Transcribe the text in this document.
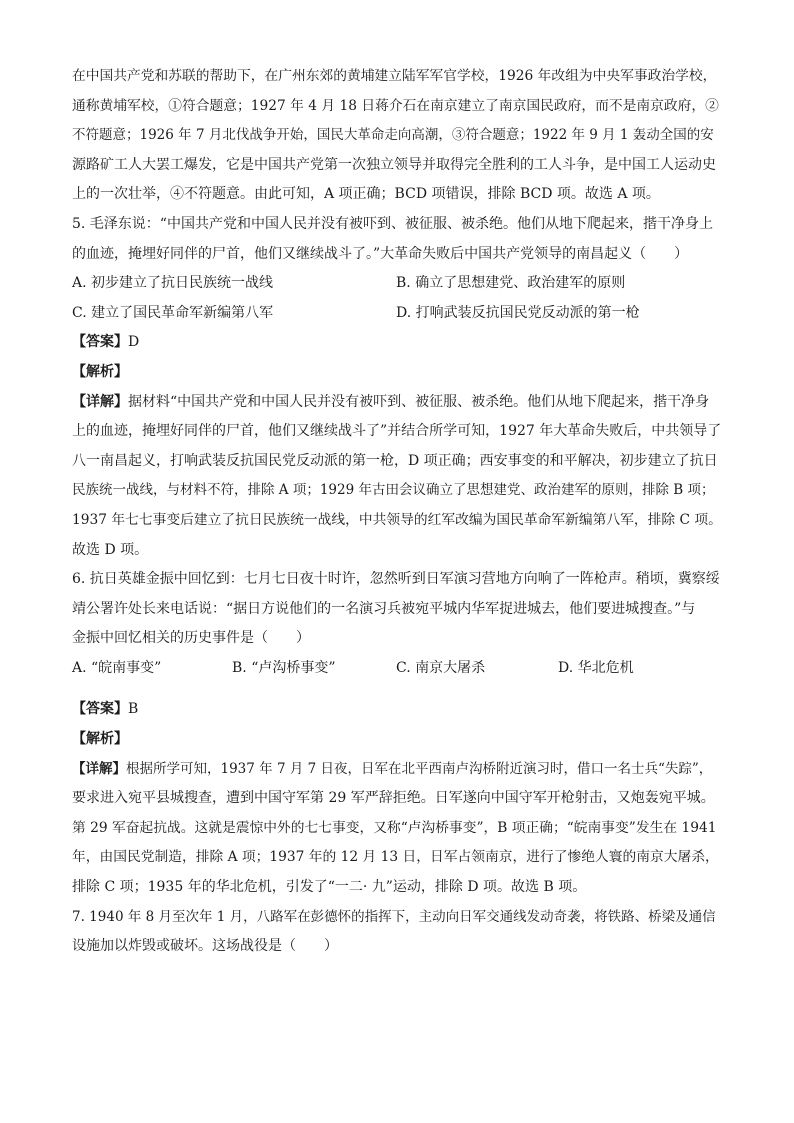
在中国共产党和苏联的帮助下，在广州东郊的黄埔建立陆军军官学校，1926 年改组为中央军事政治学校，
通称黄埔军校，①符合题意；1927 年 4 月 18 日蒋介石在南京建立了南京国民政府，而不是南京政府，②
不符题意；1926 年 7 月北伐战争开始，国民大革命走向高潮，③符合题意；1922 年 9 月 1 轰动全国的安
源路矿工人大罢工爆发，它是中国共产党第一次独立领导并取得完全胜利的工人斗争，是中国工人运动史
上的一次壮举，④不符题意。由此可知，A 项正确；BCD 项错误，排除 BCD 项。故选 A 项。
5. 毛泽东说：“中国共产党和中国人民并没有被吓到、被征服、被杀绝。他们从地下爬起来，揩干净身上
的血迹，掩埋好同伴的尸首，他们又继续战斗了。”大革命失败后中国共产党领导的南昌起义（　　）
A. 初步建立了抗日民族统一战线	B. 确立了思想建党、政治建军的原则
C. 建立了国民革命军新编第八军	D. 打响武装反抗国民党反动派的第一枪
【答案】D
【解析】
【详解】据材料“中国共产党和中国人民并没有被吓到、被征服、被杀绝。他们从地下爬起来，揩干净身
上的血迹，掩埋好同伴的尸首，他们又继续战斗了”并结合所学可知，1927 年大革命失败后，中共领导了
八一南昌起义，打响武装反抗国民党反动派的第一枪，D 项正确；西安事变的和平解决，初步建立了抗日
民族统一战线，与材料不符，排除 A 项；1929 年古田会议确立了思想建党、政治建军的原则，排除 B 项；
1937 年七七事变后建立了抗日民族统一战线，中共领导的红军改编为国民革命军新编第八军，排除 C 项。
故选 D 项。
6. 抗日英雄金振中回忆到：七月七日夜十时许，忽然听到日军演习营地方向响了一阵枪声。稍顷，冀察绥
靖公署许处长来电话说：“据日方说他们的一名演习兵被宛平城内华军捉进城去，他们要进城搜查。”与
金振中回忆相关的历史事件是（　　）
A. “皖南事变”	B. “卢沟桥事变”	C. 南京大屠杀	D. 华北危机
【答案】B
【解析】
【详解】根据所学可知，1937 年 7 月 7 日夜，日军在北平西南卢沟桥附近演习时，借口一名士兵“失踪”，
要求进入宛平县城搜查，遭到中国守军第 29 军严辞拒绝。日军遂向中国守军开枪射击，又炮轰宛平城。
第 29 军奋起抗战。这就是震惊中外的七七事变，又称“卢沟桥事变”，B 项正确；“皖南事变”发生在 1941
年，由国民党制造，排除 A 项；1937 年的 12 月 13 日，日军占领南京，进行了惨绝人寰的南京大屠杀，
排除 C 项；1935 年的华北危机，引发了“一二· 九”运动，排除 D 项。故选 B 项。
7. 1940 年 8 月至次年 1 月，八路军在彭德怀的指挥下，主动向日军交通线发动奇袭，将铁路、桥梁及通信
设施加以炸毁或破坏。这场战役是（　　）
